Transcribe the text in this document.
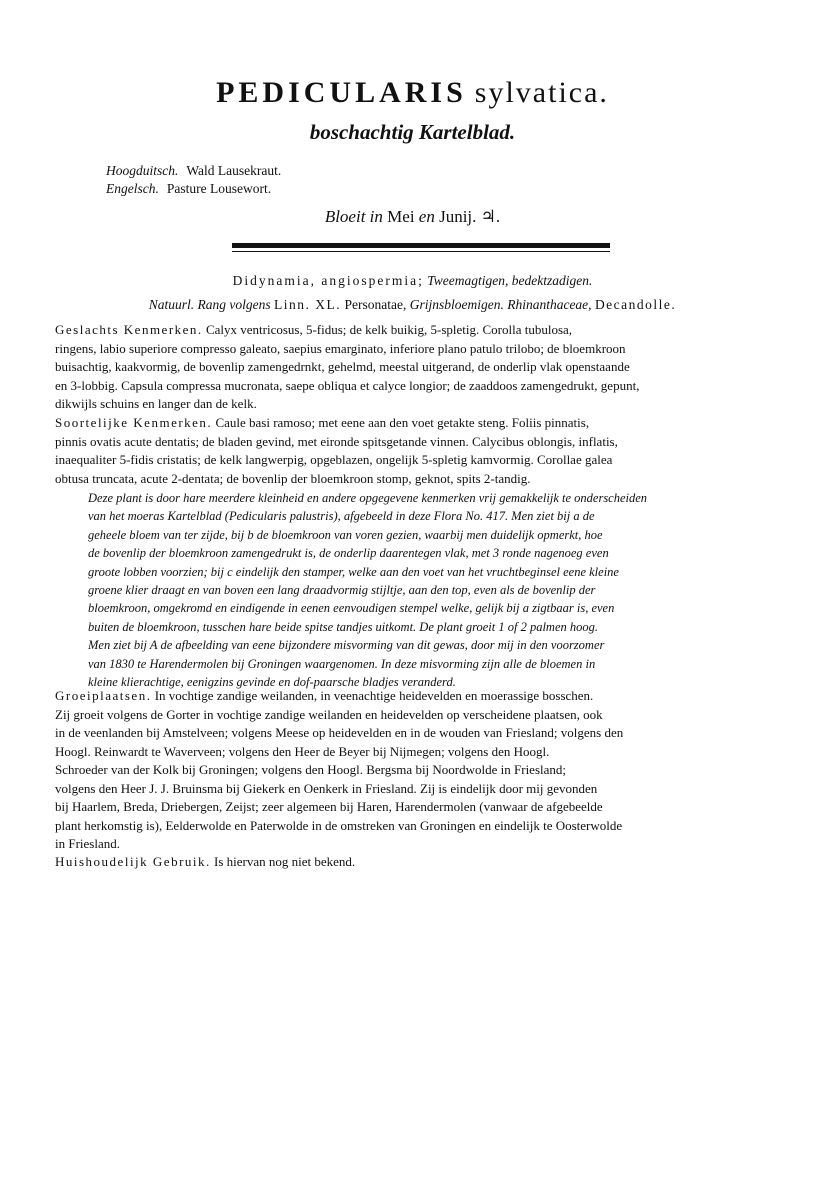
PEDICULARIS sylvatica.
boschachtig Kartelblad.
Hoogduitsch. Wald Lausekraut.
Engelsch. Pasture Lousewort.
Bloeit in Mei en Junij. ♃.
Didynamia, angiospermia; Tweemagtigen, bedektzadigen.
Natuurl. Rang volgens Linn. XL. Personatae, Grijnsbloemigen. Rhinanthaceae, Decandolle.

Geslachts Kenmerken. Calyx ventricosus, 5-fidus; de kelk buikig, 5-spletig. Corolla tubulosa,

ringens, labio superiore compresso galeato, saepius emarginato, inferiore plano patulo trilobo; de bloemkroon

buisachtig, kaakvormig, de bovenlip zamengedrnkt, gehelmd, meestal uitgerand, de onderlip vlak openstaande

en 3-lobbig. Capsula compressa mucronata, saepe obliqua et calyce longior; de zaaddoos zamengedrukt, gepunt,

dikwijls schuins en langer dan de kelk.

Soortelijke Kenmerken. Caule basi ramoso; met eene aan den voet getakte steng. Foliis pinnatis,

pinnis ovatis acute dentatis; de bladen gevind, met eironde spitsgetande vinnen. Calycibus oblongis, inflatis,

inaequaliter 5-fidis cristatis; de kelk langwerpig, opgeblazen, ongelijk 5-spletig kamvormig. Corollae galea

obtusa truncata, acute 2-dentata; de bovenlip der bloemkroon stomp, geknot, spits 2-tandig.

Deze plant is door hare meerdere kleinheid en andere opgegevene kenmerken vrij gemakkelijk te onderscheiden

van het moeras Kartelblad (Pedicularis palustris), afgebeeld in deze Flora No. 417. Men ziet bij a de

geheele bloem van ter zijde, bij b de bloemkroon van voren gezien, waarbij men duidelijk opmerkt, hoe

de bovenlip der bloemkroon zamengedrukt is, de onderlip daarentegen vlak, met 3 ronde nagenoeg even

groote lobben voorzien; bij c eindelijk den stamper, welke aan den voet van het vruchtbeginsel eene kleine

groene klier draagt en van boven een lang draadvormig stijltje, aan den top, even als de bovenlip der

bloemkroon, omgekromd en eindigende in eenen eenvoudigen stempel welke, gelijk bij a zigtbaar is, even

buiten de bloemkroon, tusschen hare beide spitse tandjes uitkomt. De plant groeit 1 of 2 palmen hoog.

Men ziet bij A de afbeelding van eene bijzondere misvorming van dit gewas, door mij in den voorzomer

van 1830 te Harendermolen bij Groningen waargenomen. In deze misvorming zijn alle de bloemen in

kleine klierachtige, eenigzins gevinde en dof-paarsche bladjes veranderd.

Groeiplaatsen. In vochtige zandige weilanden, in veenachtige heidevelden en moerassige bosschen.

Zij groeit volgens de Gorter in vochtige zandige weilanden en heidevelden op verscheidene plaatsen, ook

in de veenlanden bij Amstelveen; volgens Meese op heidevelden en in de wouden van Friesland; volgens den

Hoogl. Reinwardt te Waverveen; volgens den Heer de Beyer bij Nijmegen; volgens den Hoogl.

Schroeder van der Kolk bij Groningen; volgens den Hoogl. Bergsma bij Noordwolde in Friesland;

volgens den Heer J. J. Bruinsma bij Giekerk en Oenkerk in Friesland. Zij is eindelijk door mij gevonden

bij Haarlem, Breda, Driebergen, Zeijst; zeer algemeen bij Haren, Harendermolen (vanwaar de afgebeelde

plant herkomstig is), Eelderwolde en Paterwolde in de omstreken van Groningen en eindelijk te Oosterwolde

in Friesland.

Huishoudelijk Gebruik. Is hiervan nog niet bekend.
